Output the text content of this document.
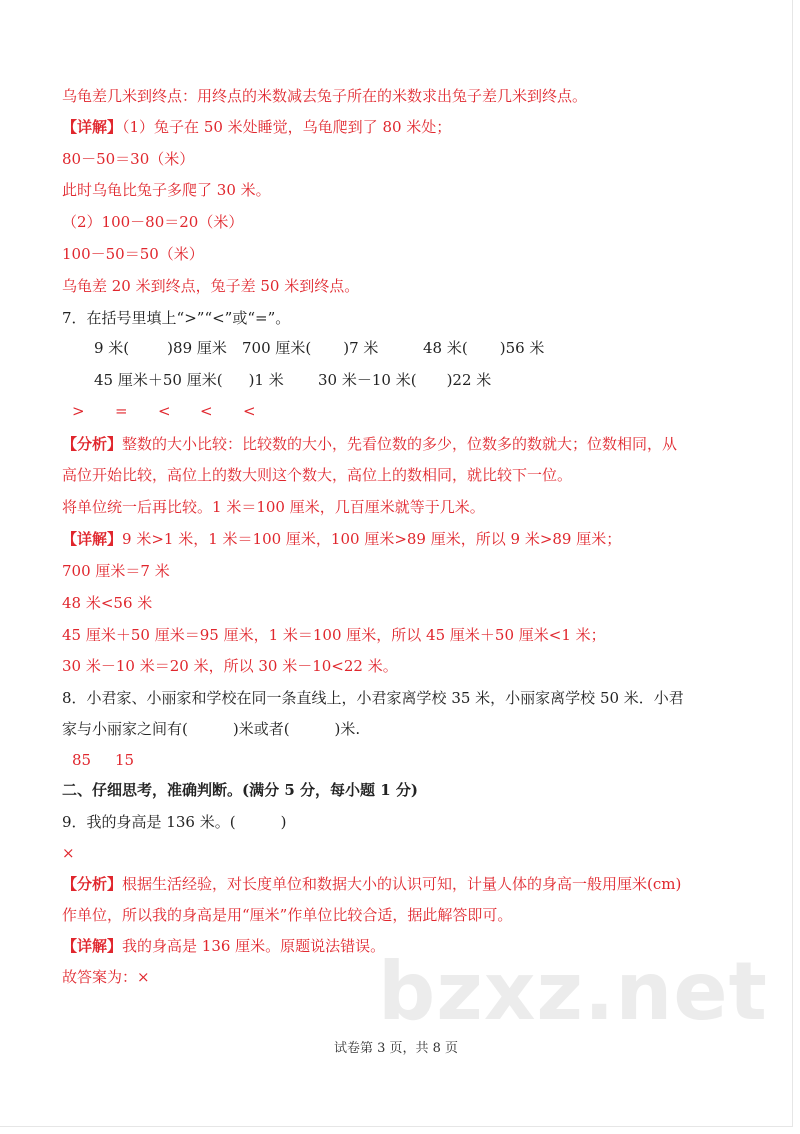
乌龟差几米到终点：用终点的米数减去兔子所在的米数求出兔子差几米到终点。
【详解】（1）兔子在 50 米处睡觉，乌龟爬到了 80 米处；
80－50＝30（米）
此时乌龟比兔子多爬了 30 米。
（2）100－80＝20（米）
100－50＝50（米）
乌龟差 20 米到终点，兔子差 50 米到终点。
7．在括号里填上“>”“<”或“=”。
9 米(	)89 厘米 700 厘米( )7 米	48 米( )56 米
45 厘米＋50 厘米( )1 米 30 米－10 米( )22 米
> = < < <
【分析】整数的大小比较：比较数的大小，先看位数的多少，位数多的数就大；位数相同，从
高位开始比较，高位上的数大则这个数大，高位上的数相同，就比较下一位。
将单位统一后再比较。1 米＝100 厘米，几百厘米就等于几米。
【详解】9 米>1 米，1 米＝100 厘米，100 厘米>89 厘米，所以 9 米>89 厘米；
700 厘米＝7 米
48 米<56 米
45 厘米＋50 厘米＝95 厘米，1 米＝100 厘米，所以 45 厘米＋50 厘米<1 米；
30 米－10 米＝20 米，所以 30 米－10<22 米。
8．小君家、小丽家和学校在同一条直线上，小君家离学校 35 米，小丽家离学校 50 米．小君
家与小丽家之间有(　　　)米或者(　　　)米.
85 15
二、仔细思考，准确判断。(满分 5 分，每小题 1 分)
9．我的身高是 136 米。(　　　)
×
【分析】根据生活经验，对长度单位和数据大小的认识可知，计量人体的身高一般用厘米(cm)
作单位，所以我的身高是用“厘米”作单位比较合适，据此解答即可。
【详解】我的身高是 136 厘米。原题说法错误。
故答案为：×	bzxz.net
试卷第 3 页，共 8 页
